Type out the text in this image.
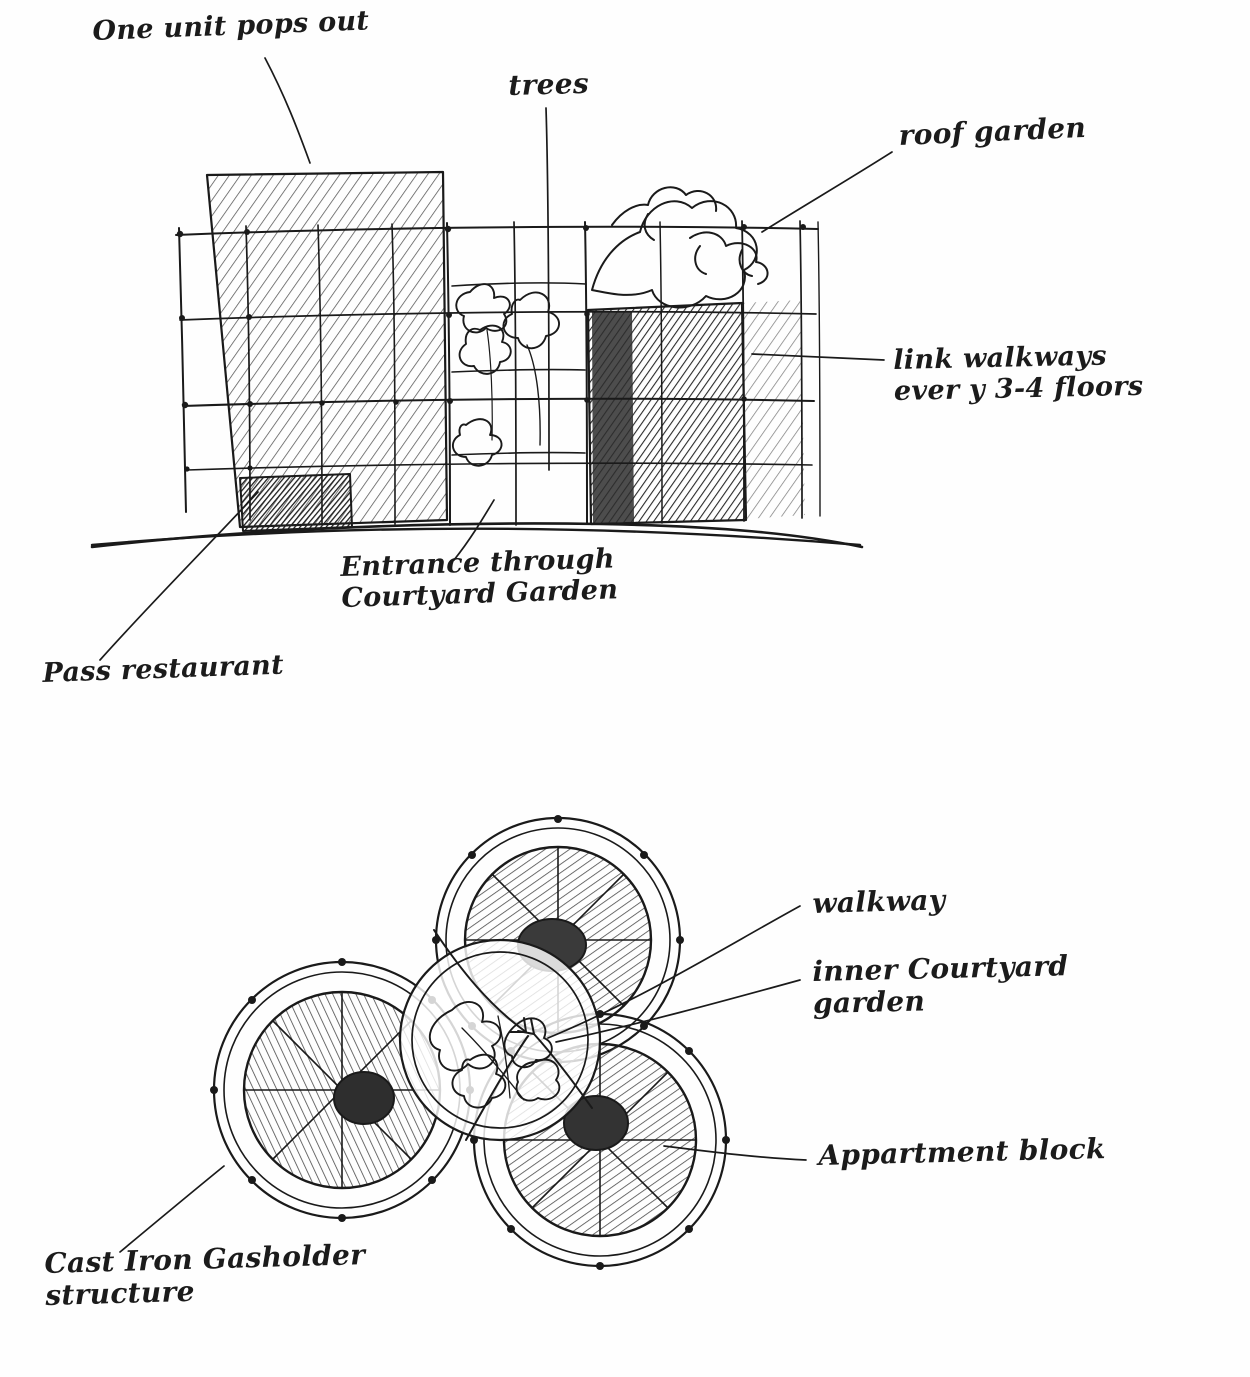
One unit pops out
trees
roof garden
link walkways
ever y 3-4 floors
Entrance through
Courtyard Garden
Pass restaurant
walkway
inner Courtyard
garden
Appartment block
Cast Iron Gasholder
structure
